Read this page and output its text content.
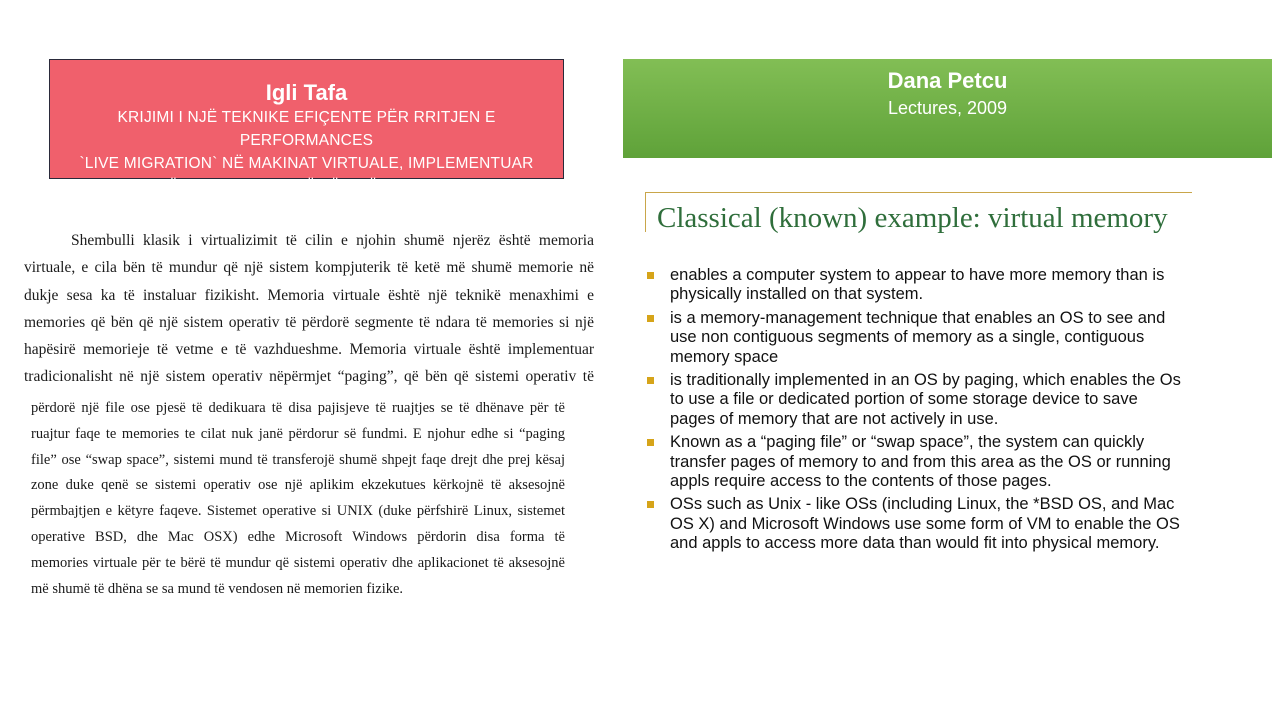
Igli Tafa
KRIJIMI I NJË TEKNIKE EFIÇENTE PËR RRITJEN E PERFORMANCES
`LIVE MIGRATION` NË MAKINAT VIRTUALE, IMPLEMENTUAR
MBI NJË SISTEM ME BAZË TË DHËNASH `ORACLE
Dana Petcu
Lectures, 2009
Shembulli klasik i virtualizimit të cilin e njohin shumë njerëz është memoria
virtuale, e cila bën të mundur që një sistem kompjuterik të ketë më shumë memorie në
dukje sesa ka të instaluar fizikisht. Memoria virtuale është një teknikë menaxhimi e
memories që bën që një sistem operativ të përdorë segmente të ndara të memories si një
hapësirë memorieje të vetme e të vazhdueshme. Memoria virtuale është implementuar
tradicionalisht në një sistem operativ nëpërmjet “paging”, që bën që sistemi operativ të
përdorë një file ose pjesë të dedikuara të disa pajisjeve të ruajtjes se të dhënave për të
ruajtur faqe te memories te cilat nuk janë përdorur së fundmi. E njohur edhe si “paging
file” ose “swap space”, sistemi mund të transferojë shumë shpejt faqe drejt dhe prej kësaj
zone duke qenë se sistemi operativ ose një aplikim ekzekutues kërkojnë të aksesojnë
përmbajtjen e këtyre faqeve. Sistemet operative si UNIX (duke përfshirë Linux, sistemet
operative BSD, dhe Mac OSX) edhe Microsoft Windows përdorin disa forma të
memories virtuale për te bërë të mundur që sistemi operativ dhe aplikacionet të aksesojnë
më shumë të dhëna se sa mund të vendosen në memorien fizike.
Classical (known) example: virtual memory
enables a computer system to appear to have more memory than is
physically installed on that system.
is a memory-management technique that enables an OS to see and
use non contiguous segments of memory as a single, contiguous
memory space
is traditionally implemented in an OS by paging, which enables the Os
to use a file or dedicated portion of some storage device to save
pages of memory that are not actively in use.
Known as a “paging file” or “swap space”, the system can quickly
transfer pages of memory to and from this area as the OS or running
appls require access to the contents of those pages.
OSs such as Unix - like OSs (including Linux, the *BSD OS, and Mac
OS X) and Microsoft Windows use some form of VM to enable the OS
and appls to access more data than would fit into physical memory.
